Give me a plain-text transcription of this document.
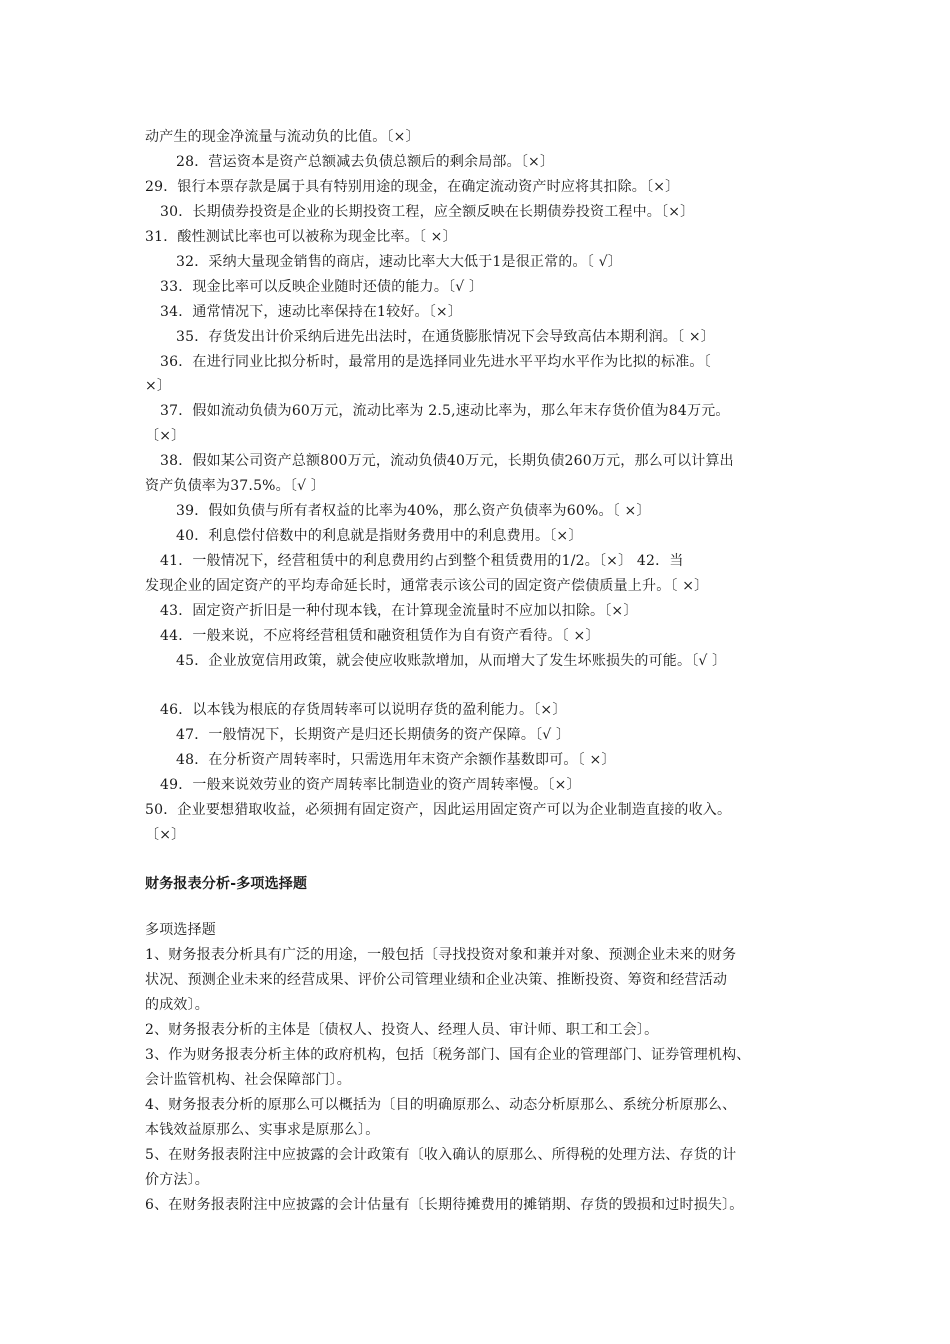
动产生的现金净流量与流动负的比值。〔×〕
28．营运资本是资产总额减去负债总额后的剩余局部。〔×〕
29．银行本票存款是属于具有特别用途的现金，在确定流动资产时应将其扣除。〔×〕
30．长期债券投资是企业的长期投资工程，应全额反映在长期债券投资工程中。〔×〕
31．酸性测试比率也可以被称为现金比率。〔 ×〕
32．采纳大量现金销售的商店，速动比率大大低于1是很正常的。〔 √〕
33．现金比率可以反映企业随时还债的能力。〔√ 〕
34．通常情况下，速动比率保持在1较好。〔×〕
35．存货发出计价采纳后进先出法时，在通货膨胀情况下会导致高估本期利润。〔 ×〕
36．在进行同业比拟分析时，最常用的是选择同业先进水平平均水平作为比拟的标准。〔
×〕
37．假如流动负债为60万元，流动比率为 2.5,速动比率为，那么年末存货价值为84万元。
〔×〕
38．假如某公司资产总额800万元，流动负债40万元，长期负债260万元，那么可以计算出
资产负债率为37.5%。〔√ 〕
39．假如负债与所有者权益的比率为40%，那么资产负债率为60%。〔 ×〕
40．利息偿付倍数中的利息就是指财务费用中的利息费用。〔×〕
41．一般情况下，经营租赁中的利息费用约占到整个租赁费用的1/2。〔×〕 42．当
发现企业的固定资产的平均寿命延长时，通常表示该公司的固定资产偿债质量上升。〔 ×〕
43．固定资产折旧是一种付现本钱，在计算现金流量时不应加以扣除。〔×〕
44．一般来说，不应将经营租赁和融资租赁作为自有资产看待。〔 ×〕
45．企业放宽信用政策，就会使应收账款增加，从而增大了发生坏账损失的可能。〔√ 〕
46．以本钱为根底的存货周转率可以说明存货的盈利能力。〔×〕
47．一般情况下，长期资产是归还长期债务的资产保障。〔√ 〕
48．在分析资产周转率时，只需选用年末资产余额作基数即可。〔 ×〕
49．一般来说效劳业的资产周转率比制造业的资产周转率慢。〔×〕
50．企业要想猎取收益，必须拥有固定资产，因此运用固定资产可以为企业制造直接的收入。
〔×〕
财务报表分析-多项选择题
多项选择题
1、财务报表分析具有广泛的用途，一般包括〔寻找投资对象和兼并对象、预测企业未来的财务
状况、预测企业未来的经营成果、评价公司管理业绩和企业决策、推断投资、筹资和经营活动
的成效〕。
2、财务报表分析的主体是〔债权人、投资人、经理人员、审计师、职工和工会〕。
3、作为财务报表分析主体的政府机构，包括〔税务部门、国有企业的管理部门、证券管理机构、
会计监管机构、社会保障部门〕。
4、财务报表分析的原那么可以概括为〔目的明确原那么、动态分析原那么、系统分析原那么、
本钱效益原那么、实事求是原那么〕。
5、在财务报表附注中应披露的会计政策有〔收入确认的原那么、所得税的处理方法、存货的计
价方法〕。
6、在财务报表附注中应披露的会计估量有〔长期待摊费用的摊销期、存货的毁损和过时损失〕。
